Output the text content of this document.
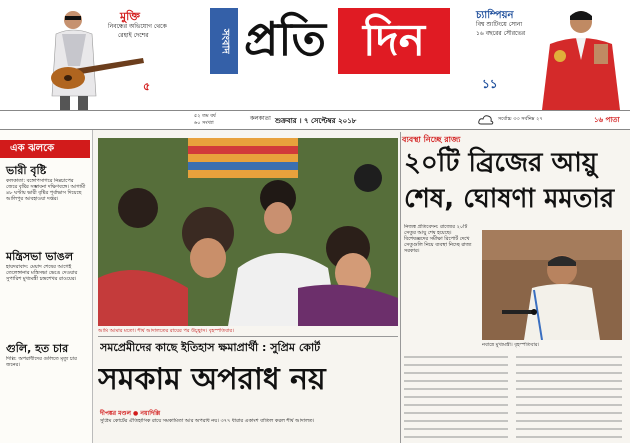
মুক্তি
নিবন্ধের অভিযোগ থেকে
রেহাই দেশের
৫
সংবাদ প্রতি দিন	চ্যাম্পিয়ন
বিশ্ব শ্যুটিংয়ে সোনা
১৬ বছরের সৌরভের
১১
৫২ তম বর্ষ
৬০ সংখ্যা
কলকাতা শুক্রবার । ৭ সেপ্টেম্বর ২০১৮	সর্বোচ্চ ৩৩ সর্বনিম্ন ২৭	১৬ পাতা
এক ঝলকে
ভারী বৃষ্টি
কলকাতা: বঙ্গোপসাগরে নিম্নচাপের জেরে বৃষ্টির সম্ভাবনা দক্ষিণবঙ্গে। আগামী ৪৮ ঘণ্টায় ভারী বৃষ্টির পূর্বাভাস দিয়েছে আলিপুর আবহাওয়া দপ্তর।
মন্ত্রিসভা ভাঙল
হায়দরাবাদ: মেয়াদ শেষের আগেই তেলেঙ্গানার মন্ত্রিসভা ভেঙে দেওয়ার সুপারিশ মুখ্যমন্ত্রী চন্দ্রশেখর রাওয়ের।
গুলি, হত চার
দিল্লি: অপরাধীদের গুলিতে মৃত্যু চার জনের।
আমি আমার মতো। শীর্ষ আদালতের রায়ের পর উচ্ছ্বাস। বৃহস্পতিবার।
ব্যবস্থা নিচ্ছে রাজ্য
২০টি ব্রিজের আয়ু
শেষ, ঘোষণা মমতার
নিজস্ব প্রতিবেদন: রাজ্যের ২০টি সেতুর আয়ু শেষ হয়েছে। বিশেষজ্ঞদের সমীক্ষা রিপোর্ট দেখে সেতুগুলি নিয়ে ব্যবস্থা নিচ্ছে রাজ্য সরকার।
নবান্নে মুখ্যমন্ত্রী। বৃহস্পতিবার।
সমপ্রেমীদের কাছে ইতিহাস ক্ষমাপ্রার্থী : সুপ্রিম কোর্ট
সমকাম অপরাধ নয়
দীপঙ্কর মণ্ডল ● নয়াদিল্লি
সুপ্রিম কোর্টের ঐতিহাসিক রায়ে সমকামিতা আর অপরাধ নয়। ৩৭৭ ধারার একাংশ বাতিল করল শীর্ষ আদালত।
